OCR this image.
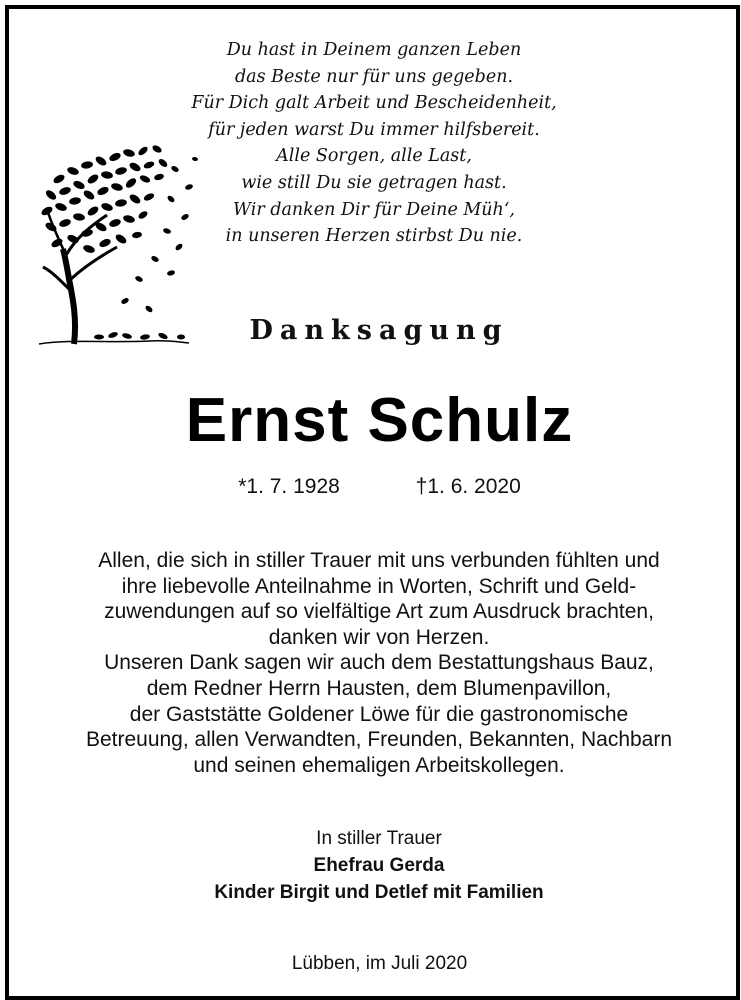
Du hast in Deinem ganzen Leben
das Beste nur für uns gegeben.
Für Dich galt Arbeit und Bescheidenheit,
für jeden warst Du immer hilfsbereit.
Alle Sorgen, alle Last,
wie still Du sie getragen hast.
Wir danken Dir für Deine Müh‘,
in unseren Herzen stirbst Du nie.
Danksagung
Ernst Schulz
*1. 7. 1928	†1. 6. 2020
Allen, die sich in stiller Trauer mit uns verbunden fühlten und
ihre liebevolle Anteilnahme in Worten, Schrift und Geld-
zuwendungen auf so vielfältige Art zum Ausdruck brachten,
danken wir von Herzen.
Unseren Dank sagen wir auch dem Bestattungshaus Bauz,
dem Redner Herrn Hausten, dem Blumenpavillon,
der Gaststätte Goldener Löwe für die gastronomische
Betreuung, allen Verwandten, Freunden, Bekannten, Nachbarn
und seinen ehemaligen Arbeitskollegen.
In stiller Trauer
Ehefrau Gerda
Kinder Birgit und Detlef mit Familien
Lübben, im Juli 2020
